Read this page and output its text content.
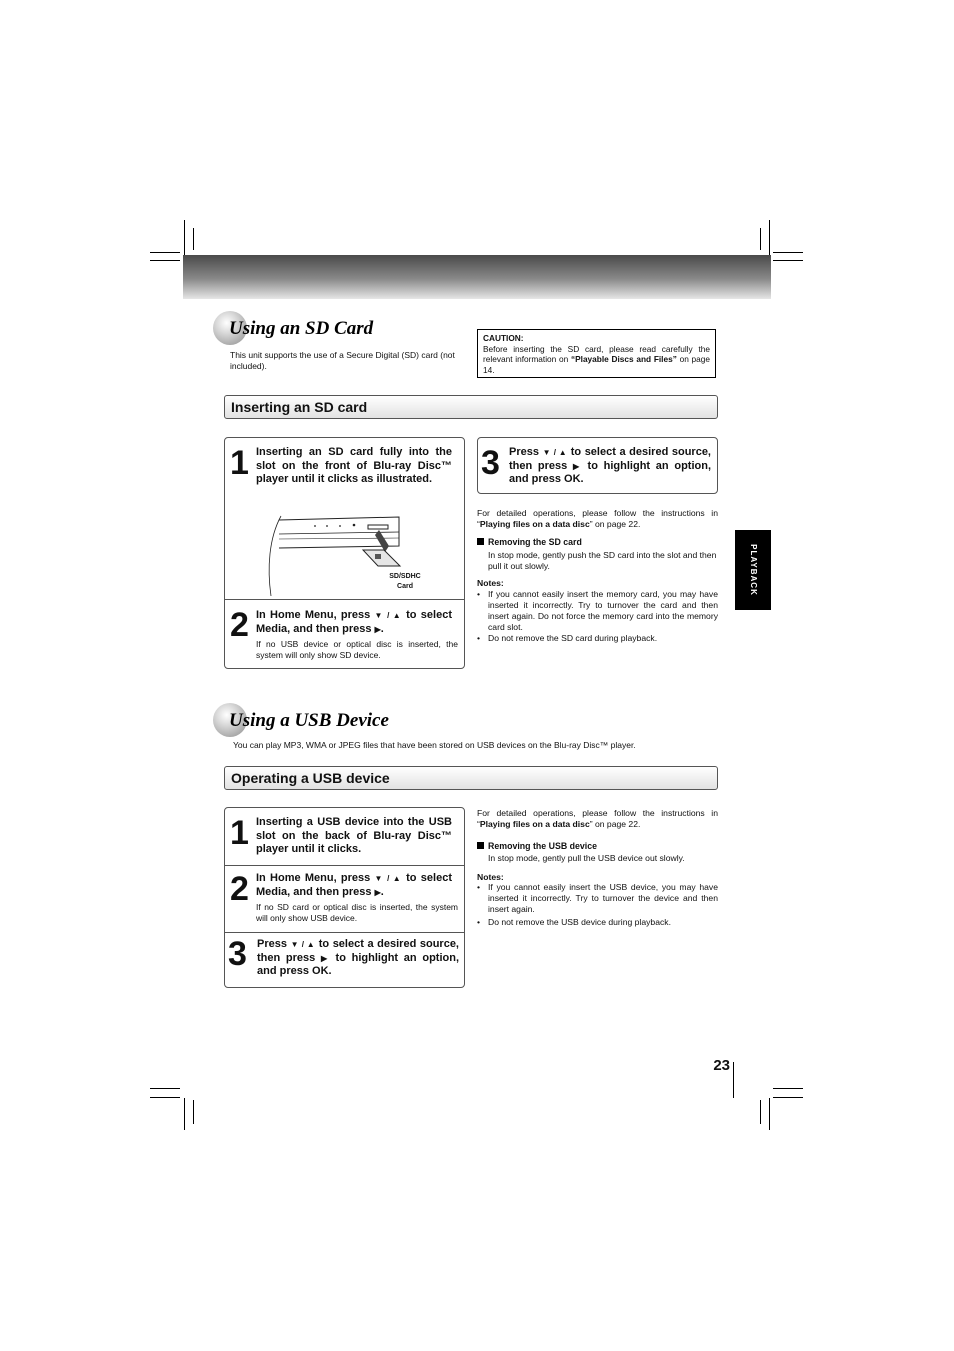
PLAYBACK
Using an SD Card
This unit supports the use of a Secure Digital (SD) card (not included).
CAUTION:
Before inserting the SD card, please read carefully the relevant information on “Playable Discs and Files” on page 14.
Inserting an SD card
1 Inserting an SD card fully into the slot on the front of Blu-ray Disc™ player until it clicks as illustrated.
SD/SDHC
Card
2 In Home Menu, press ▼ / ▲ to select Media, and then press ▶.
If no USB device or optical disc is inserted, the system will only show SD device.
3 Press ▼ / ▲ to select a desired source, then press ▶ to highlight an option, and press OK.
For detailed operations, please follow the instructions in “Playing files on a data disc” on page 22.
Removing the SD card
In stop mode, gently push the SD card into the slot and then pull it out slowly.
Notes:
• If you cannot easily insert the memory card, you may have inserted it incorrectly. Try to turnover the card and then insert again. Do not force the memory card into the memory card slot.
• Do not remove the SD card during playback.
Using a USB Device
You can play MP3, WMA or JPEG files that have been stored on USB devices on the Blu-ray Disc™ player.
Operating a USB device
1 Inserting a USB device into the USB slot on the back of Blu-ray Disc™ player until it clicks.
2 In Home Menu, press ▼ / ▲ to select Media, and then press ▶.
If no SD card or optical disc is inserted, the system will only show USB device.
3 Press ▼ / ▲ to select a desired source, then press ▶ to highlight an option, and press OK.
For detailed operations, please follow the instructions in “Playing files on a data disc” on page 22.
Removing the USB device
In stop mode, gently pull the USB device out slowly.
Notes:
• If you cannot easily insert the USB device, you may have inserted it incorrectly. Try to turnover the device and then insert again.
• Do not remove the USB device during playback.
23
